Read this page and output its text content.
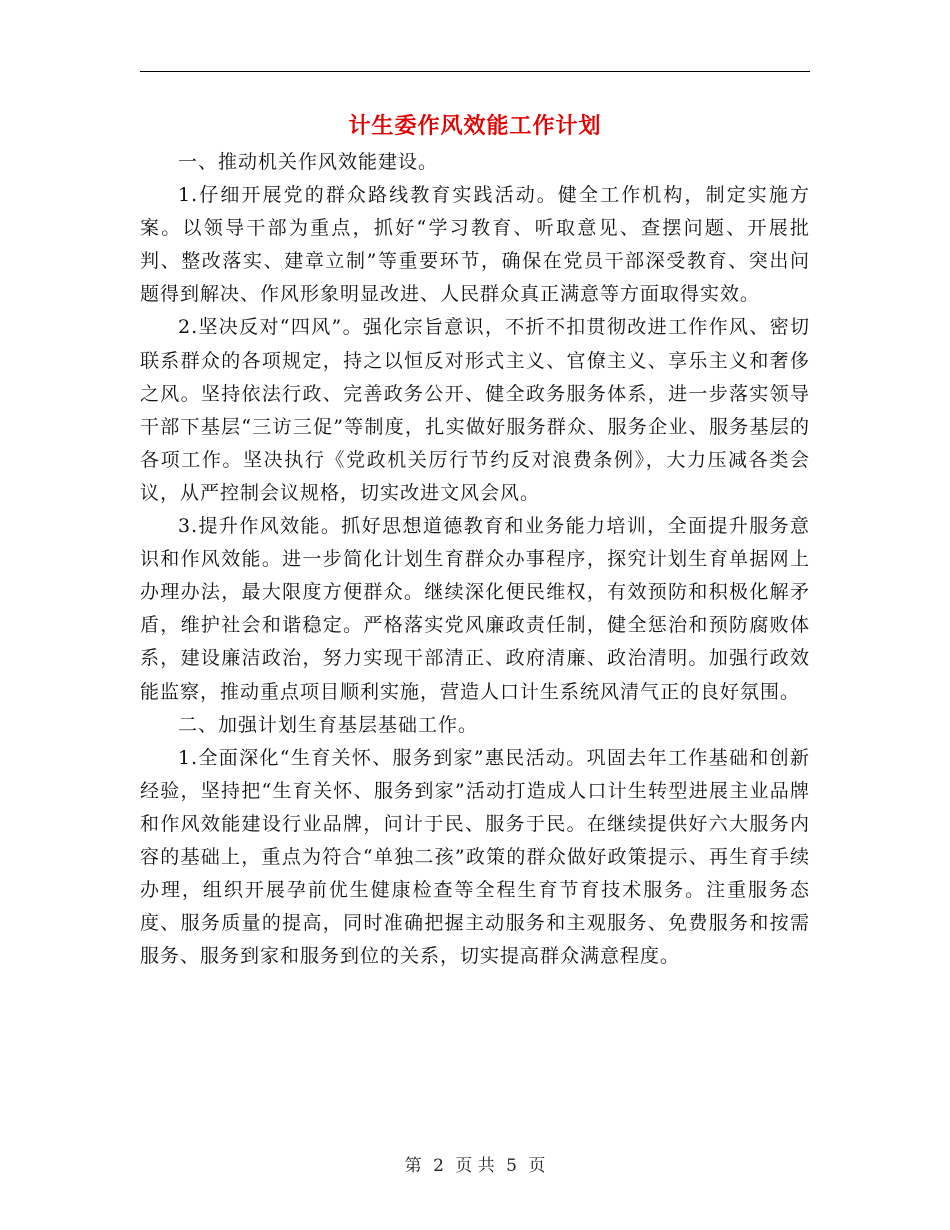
计生委作风效能工作计划

一、推动机关作风效能建设。

1.仔细开展党的群众路线教育实践活动。健全工作机构，制定实施方案。以领导干部为重点，抓好“学习教育、听取意见、查摆问题、开展批判、整改落实、建章立制”等重要环节，确保在党员干部深受教育、突出问题得到解决、作风形象明显改进、人民群众真正满意等方面取得实效。

2.坚决反对“四风”。强化宗旨意识，不折不扣贯彻改进工作作风、密切联系群众的各项规定，持之以恒反对形式主义、官僚主义、享乐主义和奢侈之风。坚持依法行政、完善政务公开、健全政务服务体系，进一步落实领导干部下基层“三访三促”等制度，扎实做好服务群众、服务企业、服务基层的各项工作。坚决执行《党政机关厉行节约反对浪费条例》，大力压减各类会议，从严控制会议规格，切实改进文风会风。

3.提升作风效能。抓好思想道德教育和业务能力培训，全面提升服务意识和作风效能。进一步简化计划生育群众办事程序，探究计划生育单据网上办理办法，最大限度方便群众。继续深化便民维权，有效预防和积极化解矛盾，维护社会和谐稳定。严格落实党风廉政责任制，健全惩治和预防腐败体系，建设廉洁政治，努力实现干部清正、政府清廉、政治清明。加强行政效能监察，推动重点项目顺利实施，营造人口计生系统风清气正的良好氛围。

二、加强计划生育基层基础工作。

1.全面深化“生育关怀、服务到家”惠民活动。巩固去年工作基础和创新经验，坚持把“生育关怀、服务到家”活动打造成人口计生转型进展主业品牌和作风效能建设行业品牌，问计于民、服务于民。在继续提供好六大服务内容的基础上，重点为符合“单独二孩”政策的群众做好政策提示、再生育手续办理，组织开展孕前优生健康检查等全程生育节育技术服务。注重服务态度、服务质量的提高，同时准确把握主动服务和主观服务、免费服务和按需服务、服务到家和服务到位的关系，切实提高群众满意程度。

第 2 页 共 5 页
